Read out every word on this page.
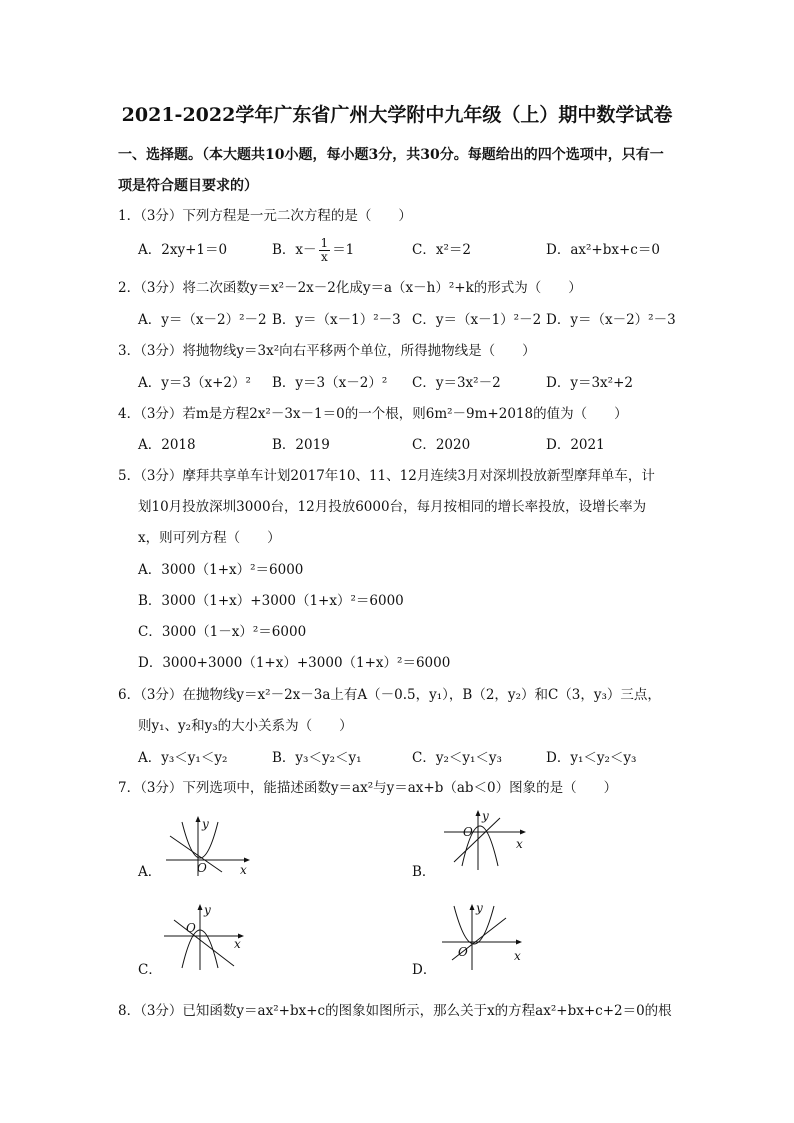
2021-2022学年广东省广州大学附中九年级（上）期中数学试卷
一、选择题。（本大题共10小题，每小题3分，共30分。每题给出的四个选项中，只有一
项是符合题目要求的）
1．（3分）下列方程是一元二次方程的是（　　）
A．2xy+1＝0	B．$x- \frac{1}{x} =1$	C．x²＝2	D．ax²+bx+c＝0
2．（3分）将二次函数y＝x²－2x－2化成y＝a（x－h）²+k的形式为（　　）
A．y＝（x－2）²－2 B．y＝（x－1）²－3 C．y＝（x－1）²－2 D．y＝（x－2）²－3
3．（3分）将抛物线y＝3x²向右平移两个单位，所得抛物线是（　　）
A．y＝3（x+2）² B．y＝3（x－2）² C．y＝3x²－2	D．y＝3x²+2
4．（3分）若m是方程2x²－3x－1＝0的一个根，则6m²－9m+2018的值为（　　）
A．2018	B．2019	C．2020	D．2021
5．（3分）摩拜共享单车计划2017年10、11、12月连续3月对深圳投放新型摩拜单车，计
划10月投放深圳3000台，12月投放6000台，每月按相同的增长率投放，设增长率为
x，则可列方程（　　）
A．3000（1+x）²＝6000
B．3000（1+x）+3000（1+x）²＝6000
C．3000（1－x）²＝6000
D．3000+3000（1+x）+3000（1+x）²＝6000
6．（3分）在抛物线y＝x²－2x－3a上有A（－0.5，y₁），B（2，y₂）和C（3，y₃）三点，
则y₁、y₂和y₃的大小关系为（　　）
A．y₃＜y₁＜y₂	B．y₃＜y₂＜y₁	C．y₂＜y₁＜y₃	D．y₁＜y₂＜y₃
7．（3分）下列选项中，能描述函数y＝ax²与y＝ax+b（ab＜0）图象的是（　　）
A．
y
x
O	B．
y
x
O
C．
y
x
O
D．
y
x
O
8．（3分）已知函数y＝ax²+bx+c的图象如图所示，那么关于x的方程ax²+bx+c+2＝0的根
